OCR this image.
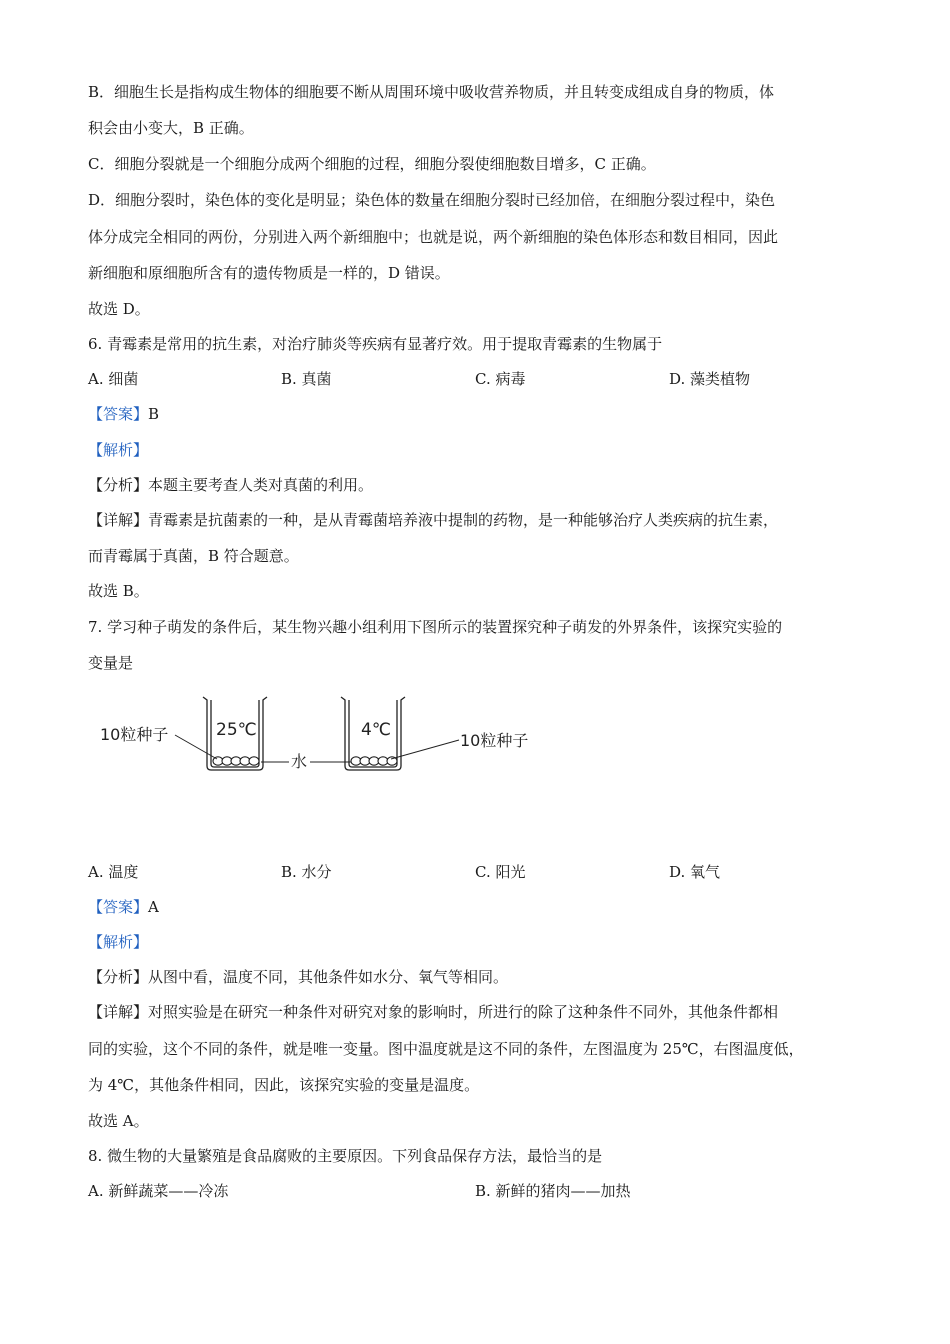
B．细胞生长是指构成生物体的细胞要不断从周围环境中吸收营养物质，并且转变成组成自身的物质，体
积会由小变大，B 正确。
C．细胞分裂就是一个细胞分成两个细胞的过程，细胞分裂使细胞数目增多，C 正确。
D．细胞分裂时，染色体的变化是明显；染色体的数量在细胞分裂时已经加倍，在细胞分裂过程中，染色
体分成完全相同的两份，分别进入两个新细胞中；也就是说，两个新细胞的染色体形态和数目相同，因此
新细胞和原细胞所含有的遗传物质是一样的，D 错误。
故选 D。
6. 青霉素是常用的抗生素，对治疗肺炎等疾病有显著疗效。用于提取青霉素的生物属于
A. 细菌	B. 真菌	C. 病毒	D. 藻类植物
【答案】B
【解析】
【分析】本题主要考查人类对真菌的利用。
【详解】青霉素是抗菌素的一种，是从青霉菌培养液中提制的药物，是一种能够治疗人类疾病的抗生素，
而青霉属于真菌，B 符合题意。
故选 B。
7. 学习种子萌发的条件后，某生物兴趣小组利用下图所示的装置探究种子萌发的外界条件，该探究实验的
变量是
25℃	4℃
10粒种子
水
10粒种子
A. 温度	B. 水分	C. 阳光	D. 氧气
【答案】A
【解析】
【分析】从图中看，温度不同，其他条件如水分、氧气等相同。
【详解】对照实验是在研究一种条件对研究对象的影响时，所进行的除了这种条件不同外，其他条件都相
同的实验，这个不同的条件，就是唯一变量。图中温度就是这不同的条件，左图温度为 25℃，右图温度低，
为 4℃，其他条件相同，因此，该探究实验的变量是温度。
故选 A。
8. 微生物的大量繁殖是食品腐败的主要原因。下列食品保存方法，最恰当的是
A. 新鲜蔬菜——冷冻	B. 新鲜的猪肉——加热
